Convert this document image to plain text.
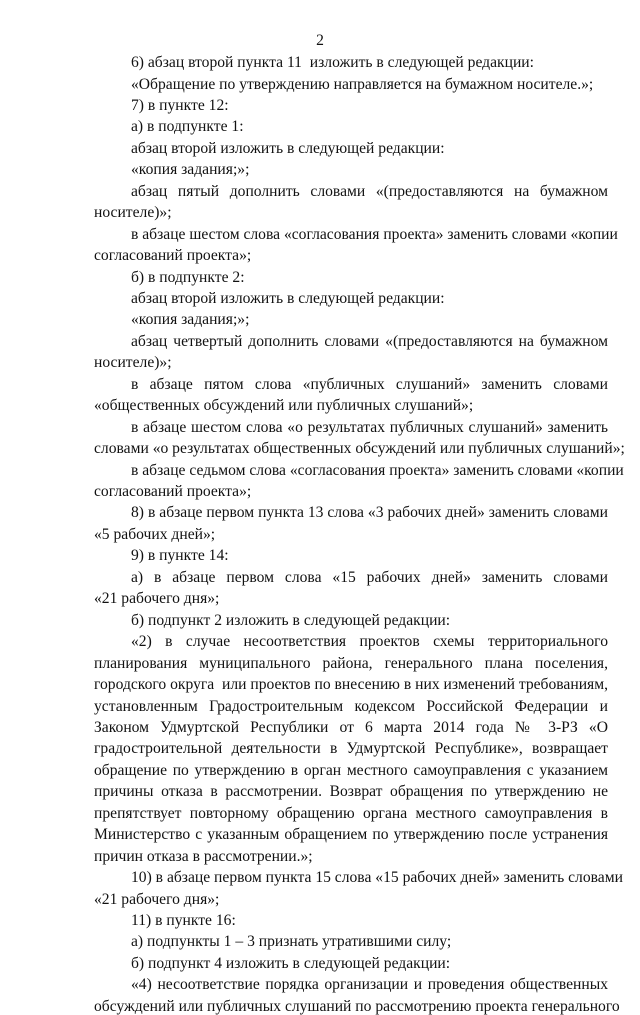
2
6) абзац второй пункта 11  изложить в следующей редакции:
«Обращение по утверждению направляется на бумажном носителе.»;
7) в пункте 12:
а) в подпункте 1:
абзац второй изложить в следующей редакции:
«копия задания;»;
абзац пятый дополнить словами «(предоставляются на бумажном
носителе)»;
в абзаце шестом слова «согласования проекта» заменить словами «копии
согласований проекта»;
б) в подпункте 2:
абзац второй изложить в следующей редакции:
«копия задания;»;
абзац четвертый дополнить словами «(предоставляются на бумажном
носителе)»;
в абзаце пятом слова «публичных слушаний» заменить словами
«общественных обсуждений или публичных слушаний»;
в абзаце шестом слова «о результатах публичных слушаний» заменить
словами «о результатах общественных обсуждений или публичных слушаний»;
в абзаце седьмом слова «согласования проекта» заменить словами «копии
согласований проекта»;
8) в абзаце первом пункта 13 слова «3 рабочих дней» заменить словами
«5 рабочих дней»;
9) в пункте 14:
а) в абзаце первом слова «15 рабочих дней» заменить словами
«21 рабочего дня»;
б) подпункт 2 изложить в следующей редакции:
«2) в случае несоответствия проектов схемы территориального
планирования муниципального района, генерального плана поселения,
городского округа  или проектов по внесению в них изменений требованиям,
установленным Градостроительным кодексом Российской Федерации и
Законом Удмуртской Республики от 6 марта 2014 года № 3-РЗ «О
градостроительной деятельности в Удмуртской Республике», возвращает
обращение по утверждению в орган местного самоуправления с указанием
причины отказа в рассмотрении. Возврат обращения по утверждению не
препятствует повторному обращению органа местного самоуправления в
Министерство с указанным обращением по утверждению после устранения
причин отказа в рассмотрении.»;
10) в абзаце первом пункта 15 слова «15 рабочих дней» заменить словами
«21 рабочего дня»;
11) в пункте 16:
а) подпункты 1 – 3 признать утратившими силу;
б) подпункт 4 изложить в следующей редакции:
«4) несоответствие порядка организации и проведения общественных
обсуждений или публичных слушаний по рассмотрению проекта генерального
